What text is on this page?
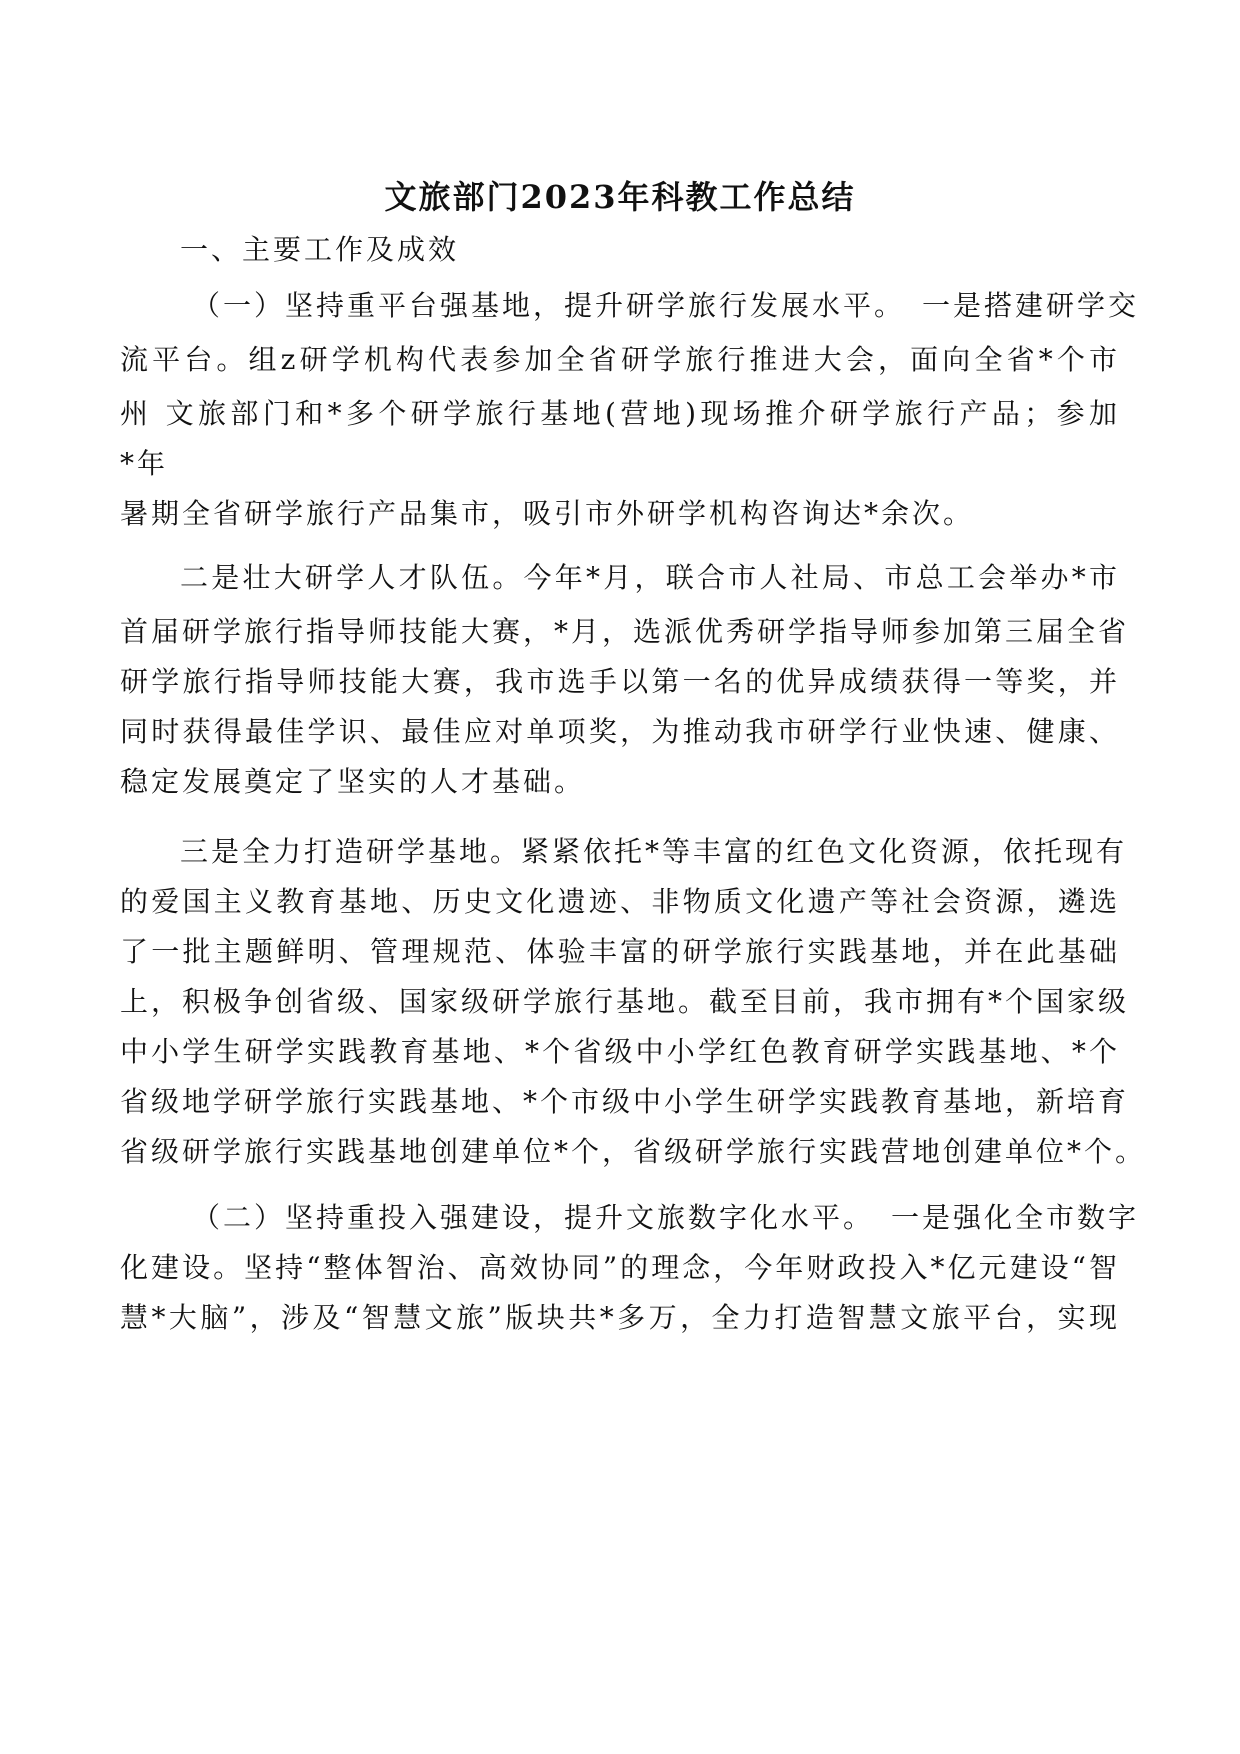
文旅部门2023年科教工作总结
一、主要工作及成效
（一）坚持重平台强基地，提升研学旅行发展水平。　一是搭建研学交
流平台。组z研学机构代表参加全省研学旅行推进大会，面向全省*个市
州 文旅部门和*多个研学旅行基地(营地)现场推介研学旅行产品；参加
*年
暑期全省研学旅行产品集市，吸引市外研学机构咨询达*余次。
二是壮大研学人才队伍。今年*月，联合市人社局、市总工会举办*市
首届研学旅行指导师技能大赛，*月，选派优秀研学指导师参加第三届全省
研学旅行指导师技能大赛，我市选手以第一名的优异成绩获得一等奖，并
同时获得最佳学识、最佳应对单项奖，为推动我市研学行业快速、健康、
稳定发展奠定了坚实的人才基础。
三是全力打造研学基地。紧紧依托*等丰富的红色文化资源，依托现有
的爱国主义教育基地、历史文化遗迹、非物质文化遗产等社会资源，遴选
了一批主题鲜明、管理规范、体验丰富的研学旅行实践基地，并在此基础
上，积极争创省级、国家级研学旅行基地。截至目前，我市拥有*个国家级
中小学生研学实践教育基地、*个省级中小学红色教育研学实践基地、*个
省级地学研学旅行实践基地、*个市级中小学生研学实践教育基地，新培育
省级研学旅行实践基地创建单位*个，省级研学旅行实践营地创建单位*个。
（二）坚持重投入强建设，提升文旅数字化水平。　一是强化全市数字
化建设。坚持“整体智治、高效协同”的理念，今年财政投入*亿元建设“智
慧*大脑”，涉及“智慧文旅”版块共*多万，全力打造智慧文旅平台，实现
